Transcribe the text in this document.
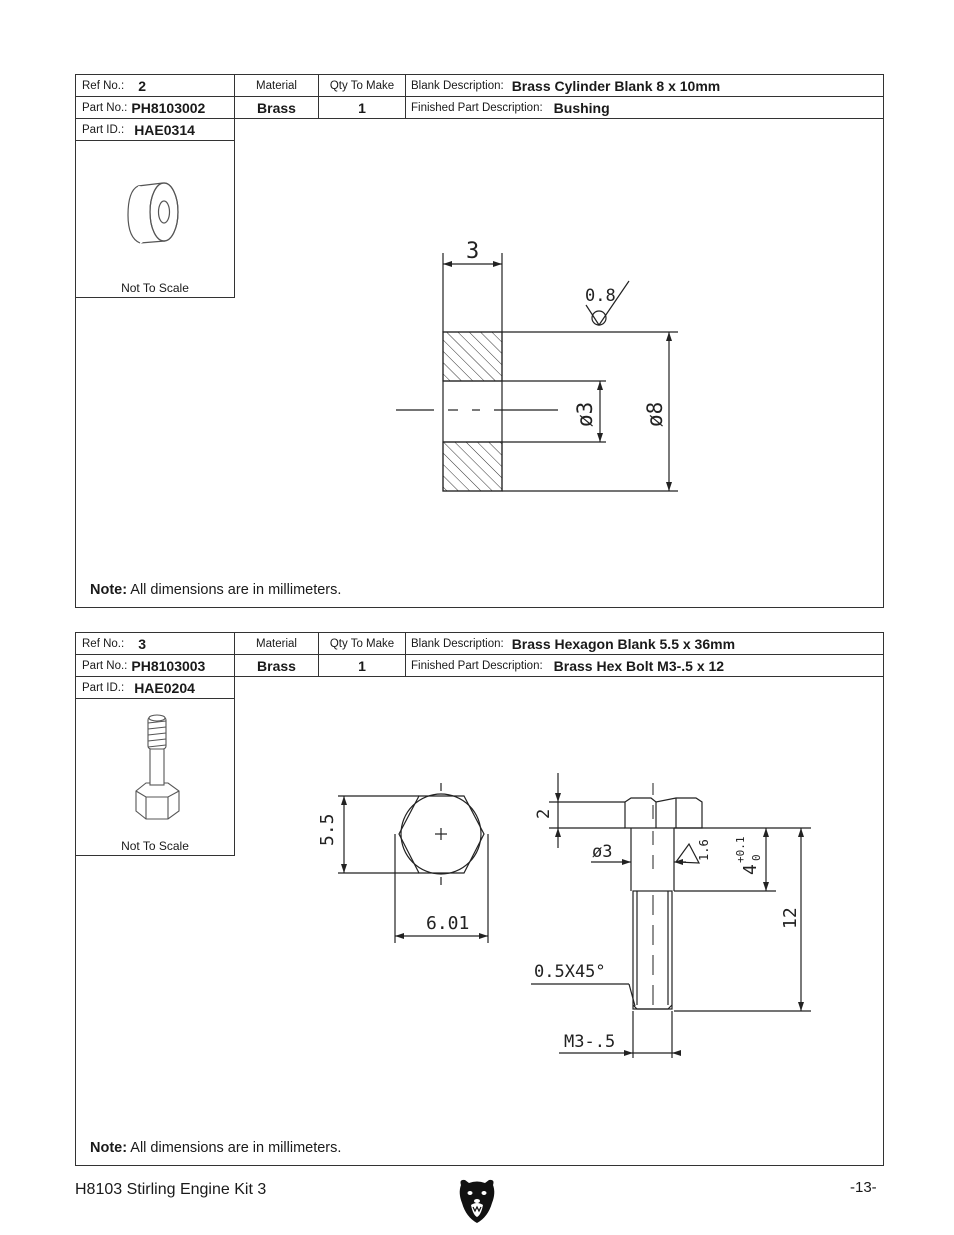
Ref No.: 2	Material	Qty To Make Blank Description: Brass Cylinder Blank 8 x 10mm
Part No.: PH8103002	Brass	1	Finished Part Description: Bushing
Part ID.: HAE0314
Not To Scale
3
0.8
ø3 ø8
Note: All dimensions are in millimeters.
Ref No.: 3	Material	Qty To Make Blank Description: Brass Hexagon Blank 5.5 x 36mm
Part No.: PH8103003	Brass	1	Finished Part Description: Brass Hex Bolt M3-.5 x 12
Part ID.: HAE0204
Not To Scale	5.5
6.01
2
ø3	1.6
4
+0.1 0
12
0.5X45°
M3-.5
Note: All dimensions are in millimeters.
H8103 Stirling Engine Kit 3	-13-
